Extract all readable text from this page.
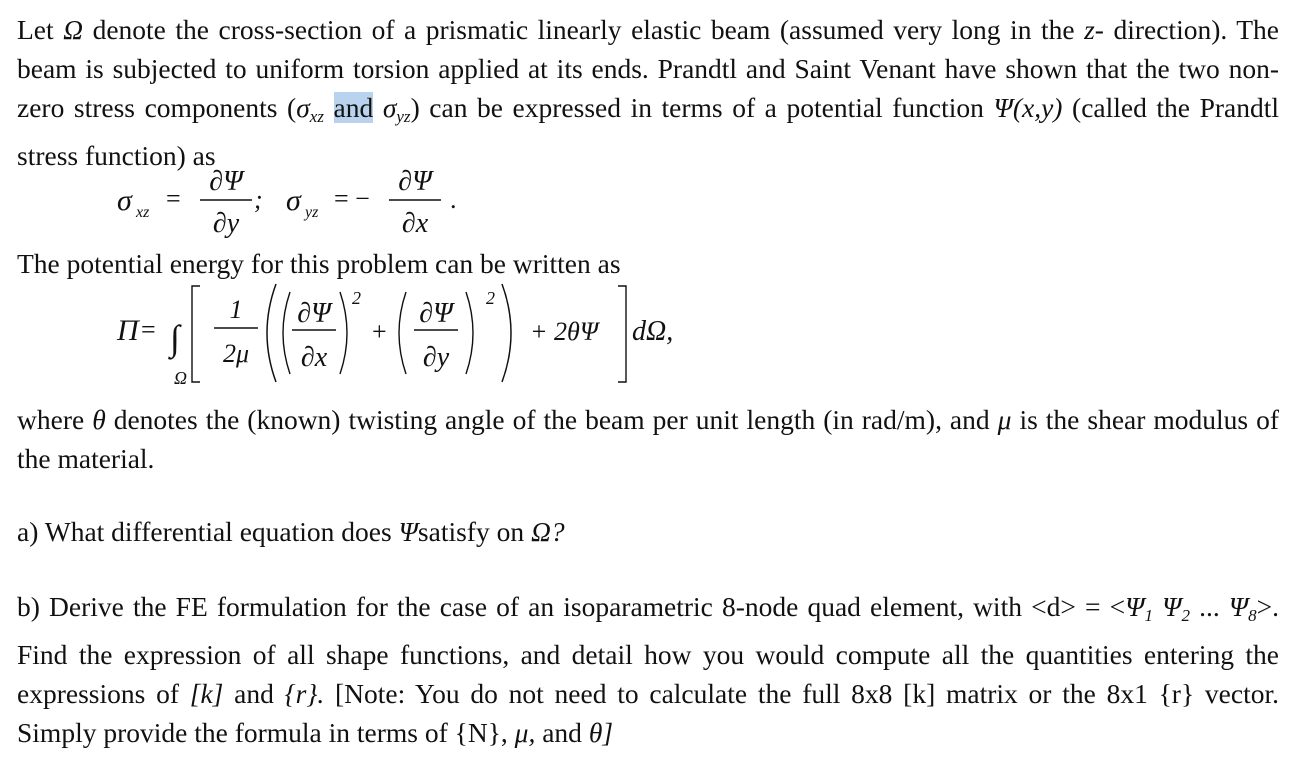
Let Ω denote the cross-section of a prismatic linearly elastic beam (assumed very long in the z- direction). The beam is subjected to uniform torsion applied at its ends. Prandtl and Saint Venant have shown that the two non-zero stress components ($\sigma_{xz}$ and $\sigma_{yz}$) can be expressed in terms of a potential function Ψ(x,y) (called the Prandtl stress function) as

σ xz =
∂Ψ
∂y
; σ yz = −
∂Ψ
∂x
.

The potential energy for this problem can be written as

Π = ∫
Ω
1
2μ
∂Ψ
∂x
2
+
∂Ψ
∂y
2
+ 2θΨ dΩ,

where θ denotes the (known) twisting angle of the beam per unit length (in rad/m), and μ is the shear modulus of the material.

a) What differential equation does Ψsatisfy on Ω?

b) Derive the FE formulation for the case of an isoparametric 8-node quad element, with $<d> = <\Psi_1$ $\Psi_2$ ... $\Psi_8>$. Find the expression of all shape functions, and detail how you would compute all the quantities entering the expressions of [k] and {r}. [Note: You do not need to calculate the full 8x8 [k] matrix or the 8x1 {r} vector. Simply provide the formula in terms of {N}, μ, and θ]
